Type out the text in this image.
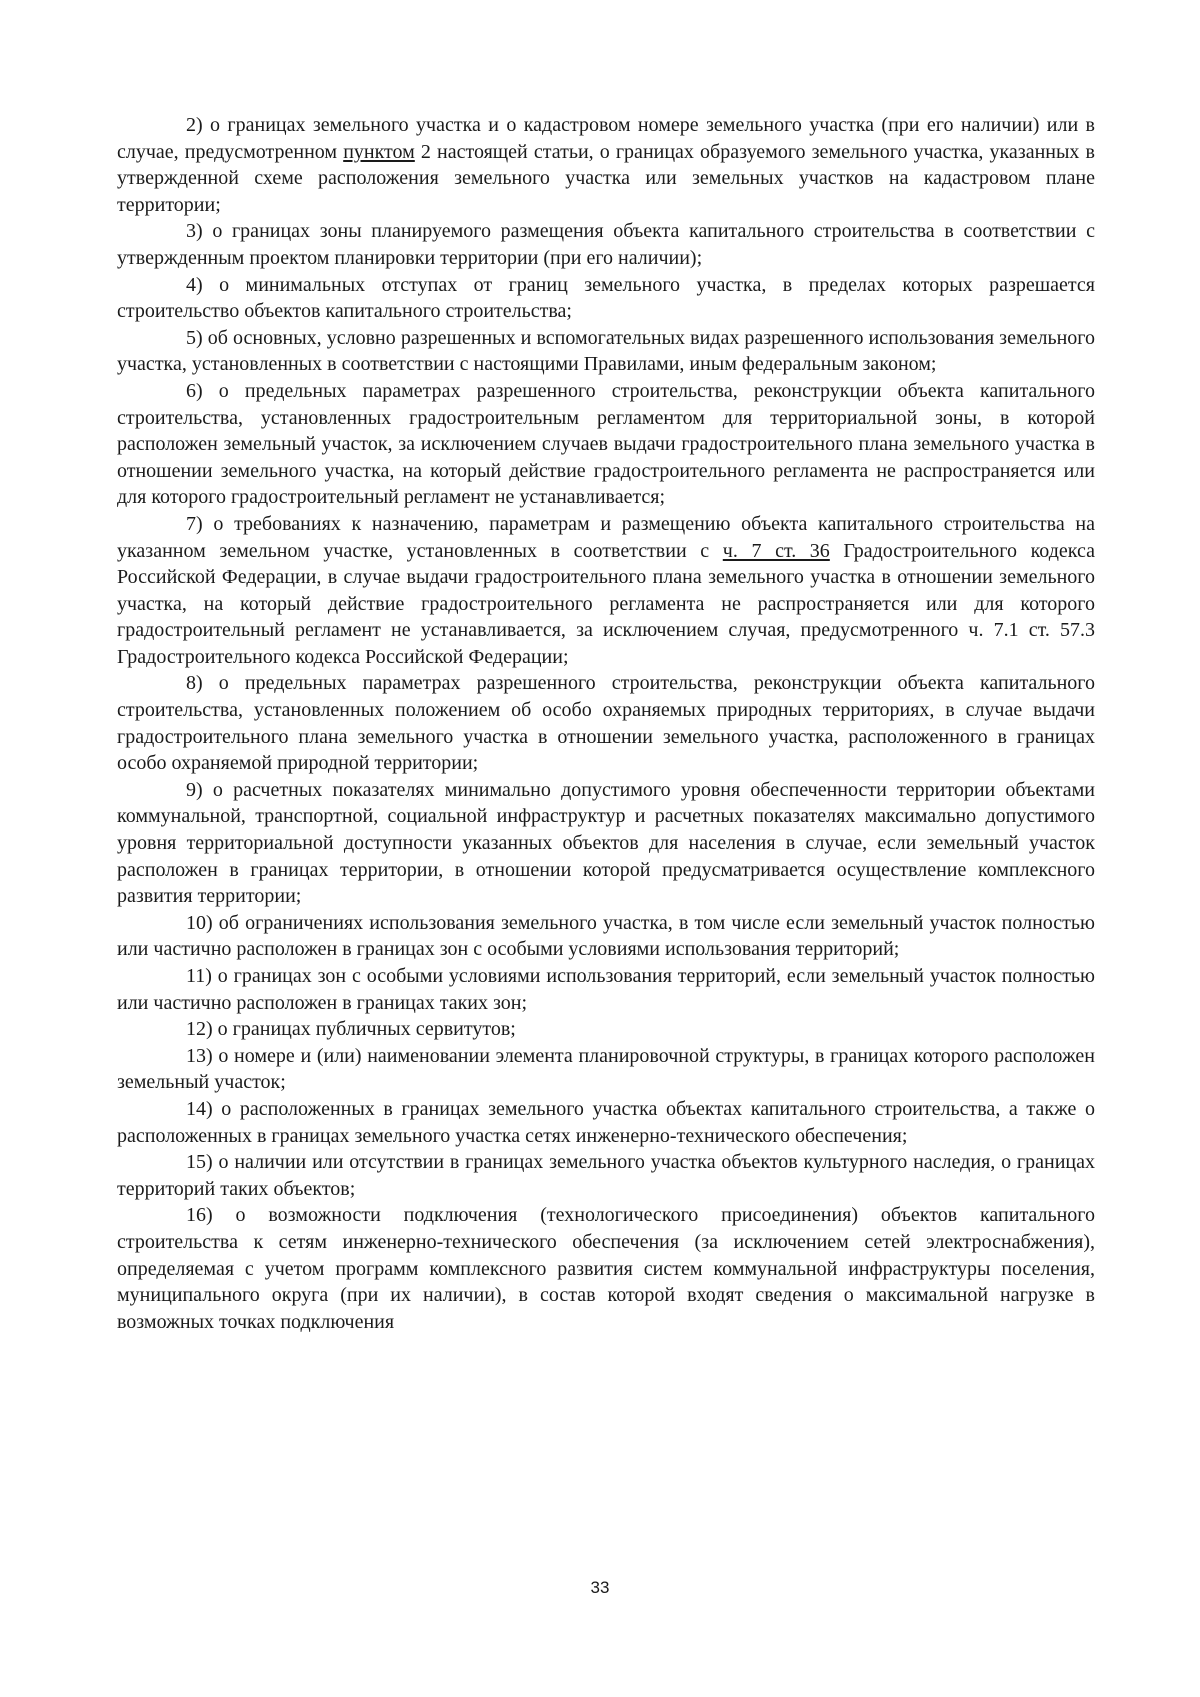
2) о границах земельного участка и о кадастровом номере земельного участка (при его наличии) или в случае, предусмотренном пунктом 2 настоящей статьи, о границах образуемого земельного участка, указанных в утвержденной схеме расположения земельного участка или земельных участков на кадастровом плане территории;

3) о границах зоны планируемого размещения объекта капитального строительства в соответствии с утвержденным проектом планировки территории (при его наличии);

4) о минимальных отступах от границ земельного участка, в пределах которых разрешается строительство объектов капитального строительства;

5) об основных, условно разрешенных и вспомогательных видах разрешенного использования земельного участка, установленных в соответствии с настоящими Правилами, иным федеральным законом;

6) о предельных параметрах разрешенного строительства, реконструкции объекта капитального строительства, установленных градостроительным регламентом для территориальной зоны, в которой расположен земельный участок, за исключением случаев выдачи градостроительного плана земельного участка в отношении земельного участка, на который действие градостроительного регламента не распространяется или для которого градостроительный регламент не устанавливается;

7) о требованиях к назначению, параметрам и размещению объекта капитального строительства на указанном земельном участке, установленных в соответствии с ч. 7 ст. 36 Градостроительного кодекса Российской Федерации, в случае выдачи градостроительного плана земельного участка в отношении земельного участка, на который действие градостроительного регламента не распространяется или для которого градостроительный регламент не устанавливается, за исключением случая, предусмотренного ч. 7.1 ст. 57.3 Градостроительного кодекса Российской Федерации;

8) о предельных параметрах разрешенного строительства, реконструкции объекта капитального строительства, установленных положением об особо охраняемых природных территориях, в случае выдачи градостроительного плана земельного участка в отношении земельного участка, расположенного в границах особо охраняемой природной территории;

9) о расчетных показателях минимально допустимого уровня обеспеченности территории объектами коммунальной, транспортной, социальной инфраструктур и расчетных показателях максимально допустимого уровня территориальной доступности указанных объектов для населения в случае, если земельный участок расположен в границах территории, в отношении которой предусматривается осуществление комплексного развития территории;

10) об ограничениях использования земельного участка, в том числе если земельный участок полностью или частично расположен в границах зон с особыми условиями использования территорий;

11) о границах зон с особыми условиями использования территорий, если земельный участок полностью или частично расположен в границах таких зон;

12) о границах публичных сервитутов;

13) о номере и (или) наименовании элемента планировочной структуры, в границах которого расположен земельный участок;

14) о расположенных в границах земельного участка объектах капитального строительства, а также о расположенных в границах земельного участка сетях инженерно-технического обеспечения;

15) о наличии или отсутствии в границах земельного участка объектов культурного наследия, о границах территорий таких объектов;

16) о возможности подключения (технологического присоединения) объектов капитального строительства к сетям инженерно-технического обеспечения (за исключением сетей электроснабжения), определяемая с учетом программ комплексного развития систем коммунальной инфраструктуры поселения, муниципального округа (при их наличии), в состав которой входят сведения о максимальной нагрузке в возможных точках подключения

33
